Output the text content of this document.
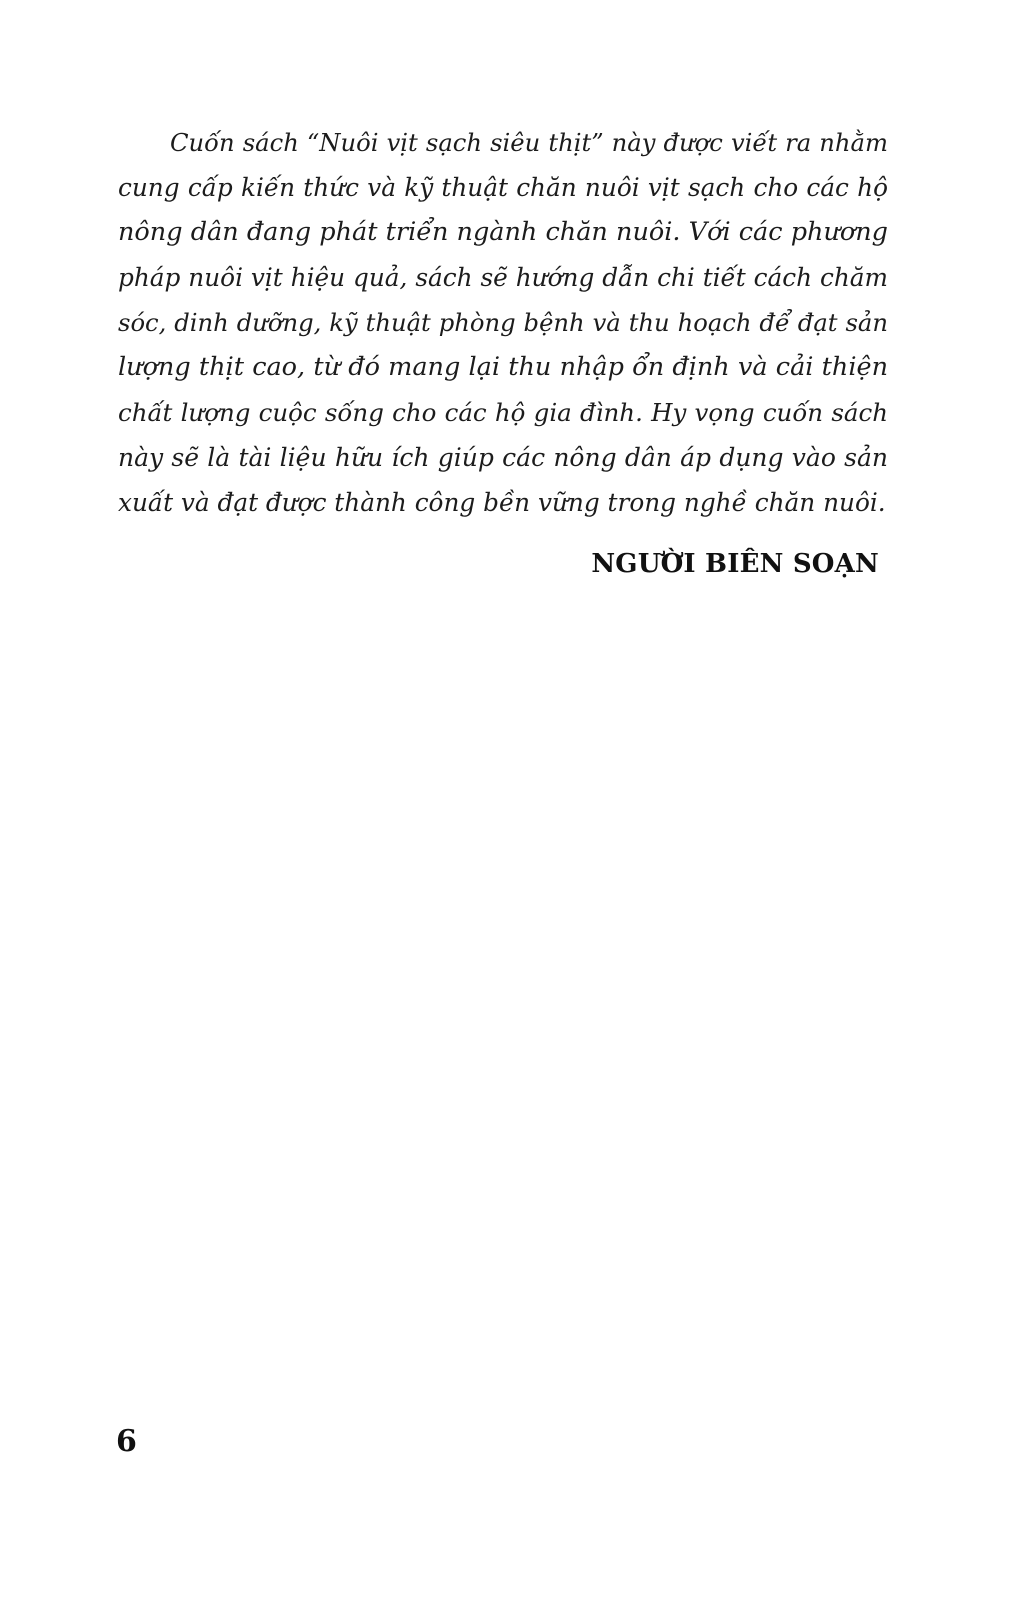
Cuốn sách “Nuôi vịt sạch siêu thịt” này được viết ra nhằm
cung cấp kiến thức và kỹ thuật chăn nuôi vịt sạch cho các hộ
nông dân đang phát triển ngành chăn nuôi. Với các phương
pháp nuôi vịt hiệu quả, sách sẽ hướng dẫn chi tiết cách chăm
sóc, dinh dưỡng, kỹ thuật phòng bệnh và thu hoạch để đạt sản
lượng thịt cao, từ đó mang lại thu nhập ổn định và cải thiện
chất lượng cuộc sống cho các hộ gia đình. Hy vọng cuốn sách
này sẽ là tài liệu hữu ích giúp các nông dân áp dụng vào sản
xuất và đạt được thành công bền vững trong nghề chăn nuôi.
NGƯỜI BIÊN SOẠN
6
